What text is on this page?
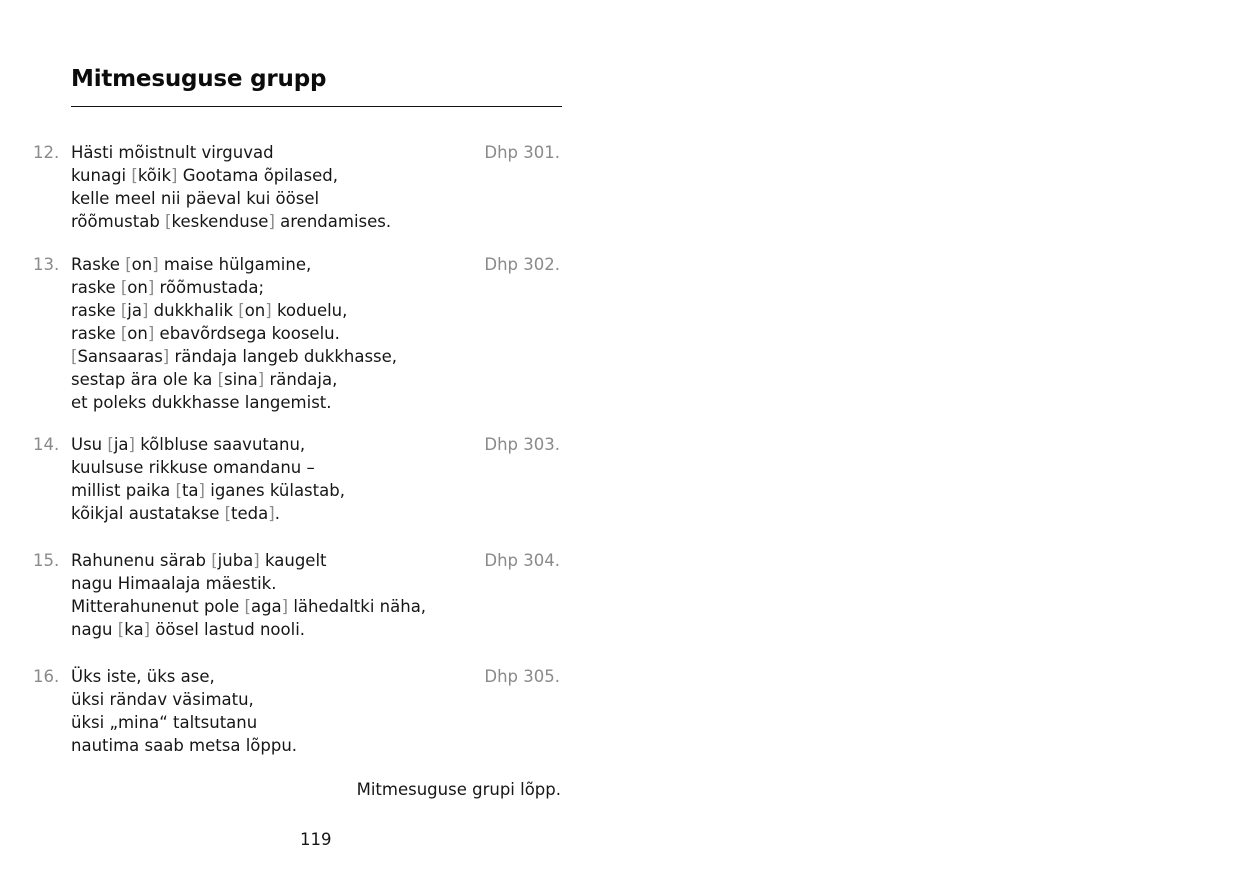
Mitmesuguse grupp
12.	Dhp 301.
Hästi mõistnult virguvad
kunagi [kõik] Gootama õpilased,
kelle meel nii päeval kui öösel
rõõmustab [keskenduse] arendamises.
13.	Dhp 302.
Raske [on] maise hülgamine,
raske [on] rõõmustada;
raske [ja] dukkhalik [on] koduelu,
raske [on] ebavõrdsega kooselu.
[Sansaaras] rändaja langeb dukkhasse,
sestap ära ole ka [sina] rändaja,
et poleks dukkhasse langemist.
14.	Dhp 303.
Usu [ja] kõlbluse saavutanu,
kuulsuse rikkuse omandanu –
millist paika [ta] iganes külastab,
kõikjal austatakse [teda].
15.	Dhp 304.
Rahunenu särab [juba] kaugelt
nagu Himaalaja mäestik.
Mitterahunenut pole [aga] lähedaltki näha,
nagu [ka] öösel lastud nooli.
16.	Dhp 305.
Üks iste, üks ase,
üksi rändav väsimatu,
üksi „mina“ taltsutanu
nautima saab metsa lõppu.
Mitmesuguse grupi lõpp.
119
